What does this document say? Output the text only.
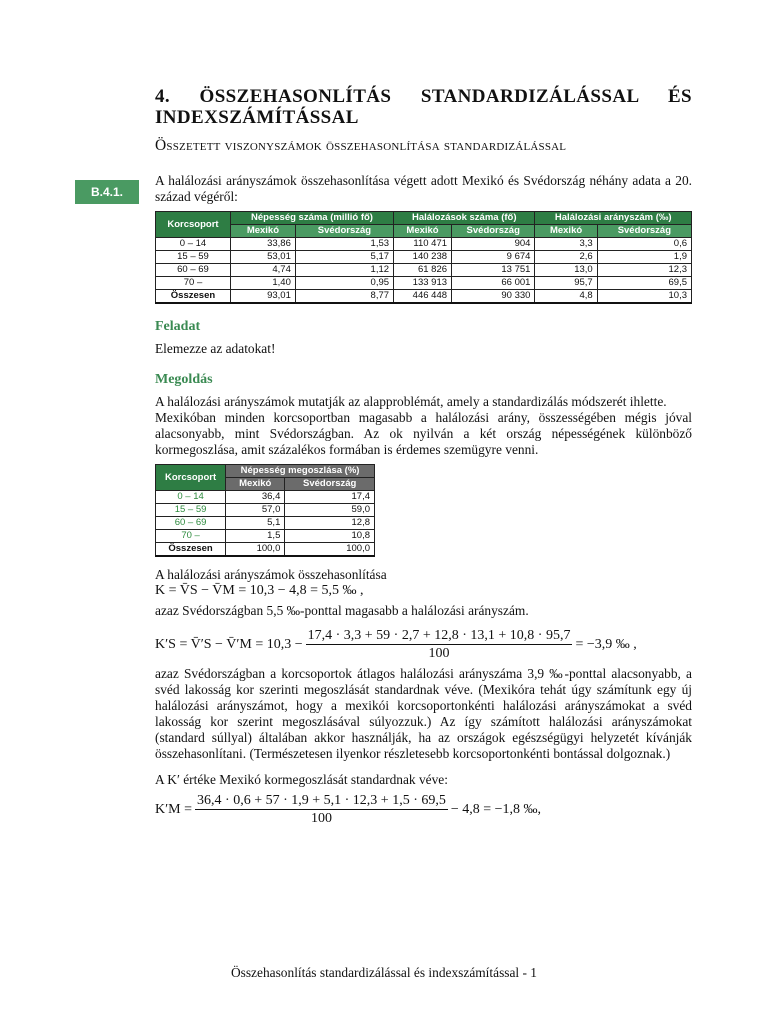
B.4.1.
4. ÖSSZEHASONLÍTÁS STANDARDIZÁLÁSSAL ÉS
INDEXSZÁMÍTÁSSAL
Összetett viszonyszámok összehasonlítása standardizálással

A halálozási arányszámok összehasonlítása végett adott Mexikó és Svédország néhány adata a 20. század végéről:

Korcsoport	Népesség száma (millió fő)		Halálozások száma (fő)		Halálozási arányszám (‰)	
	Mexikó	Svédország	Mexikó	Svédország	Mexikó	Svédország
0 – 14	33,86	1,53	110 471	904	3,3	0,6
15 – 59	53,01	5,17	140 238	9 674	2,6	1,9
60 – 69	4,74	1,12	61 826	13 751	13,0	12,3
70 –	1,40	0,95	133 913	66 001	95,7	69,5
Összesen	93,01	8,77	446 448	90 330	4,8	10,3
Feladat

Elemezze az adatokat!

Megoldás

A halálozási arányszámok mutatják az alapproblémát, amely a standardizálás módszerét ihlette.

Mexikóban minden korcsoportban magasabb a halálozási arány, összességében mégis jóval alacsonyabb, mint Svédországban. Az ok nyilván a két ország népességének különböző kormegoszlása, amit százalékos formában is érdemes szemügyre venni.

Korcsoport	Népesség megoszlása (%)	
	Mexikó	Svédország
0 – 14	36,4	17,4
15 – 59	57,0	59,0
60 – 69	5,1	12,8
70 –	1,5	10,8
Összesen	100,0	100,0

A halálozási arányszámok összehasonlítása

K = V̄S − V̄M = 10,3 − 4,8 = 5,5 ‰ ,

azaz Svédországban 5,5 ‰-ponttal magasabb a halálozási arányszám.

K′S = V̄′S − V̄′M = $10,3 - \frac{17,4 \cdot 3,3 + 59 \cdot 2,7 + 12,8 \cdot 13,1 + 10,8 \cdot 95,7}{100} = -3,9$ ‰ ,

azaz Svédországban a korcsoportok átlagos halálozási arányszáma 3,9 ‰-ponttal alacsonyabb, a svéd lakosság kor szerinti megoszlását standardnak véve. (Mexikóra tehát úgy számítunk egy új halálozási arányszámot, hogy a mexikói korcsoportonkénti halálozási arányszámokat a svéd lakosság kor szerint megoszlásával súlyozzuk.) Az így számított halálozási arányszámokat (standard súllyal) általában akkor használják, ha az országok egészségügyi helyzetét kívánják összehasonlítani. (Természetesen ilyenkor részletesebb korcsoportonkénti bontással dolgoznak.)

A K′ értéke Mexikó kormegoszlását standardnak véve:

$K'M = \frac{36,4 \cdot 0,6 + 57 \cdot 1,9 + 5,1 \cdot 12,3 + 1,5 \cdot 69,5}{100} - 4,8 = -1,8$ ‰,
Összehasonlítás standardizálással és indexszámítással - 1
